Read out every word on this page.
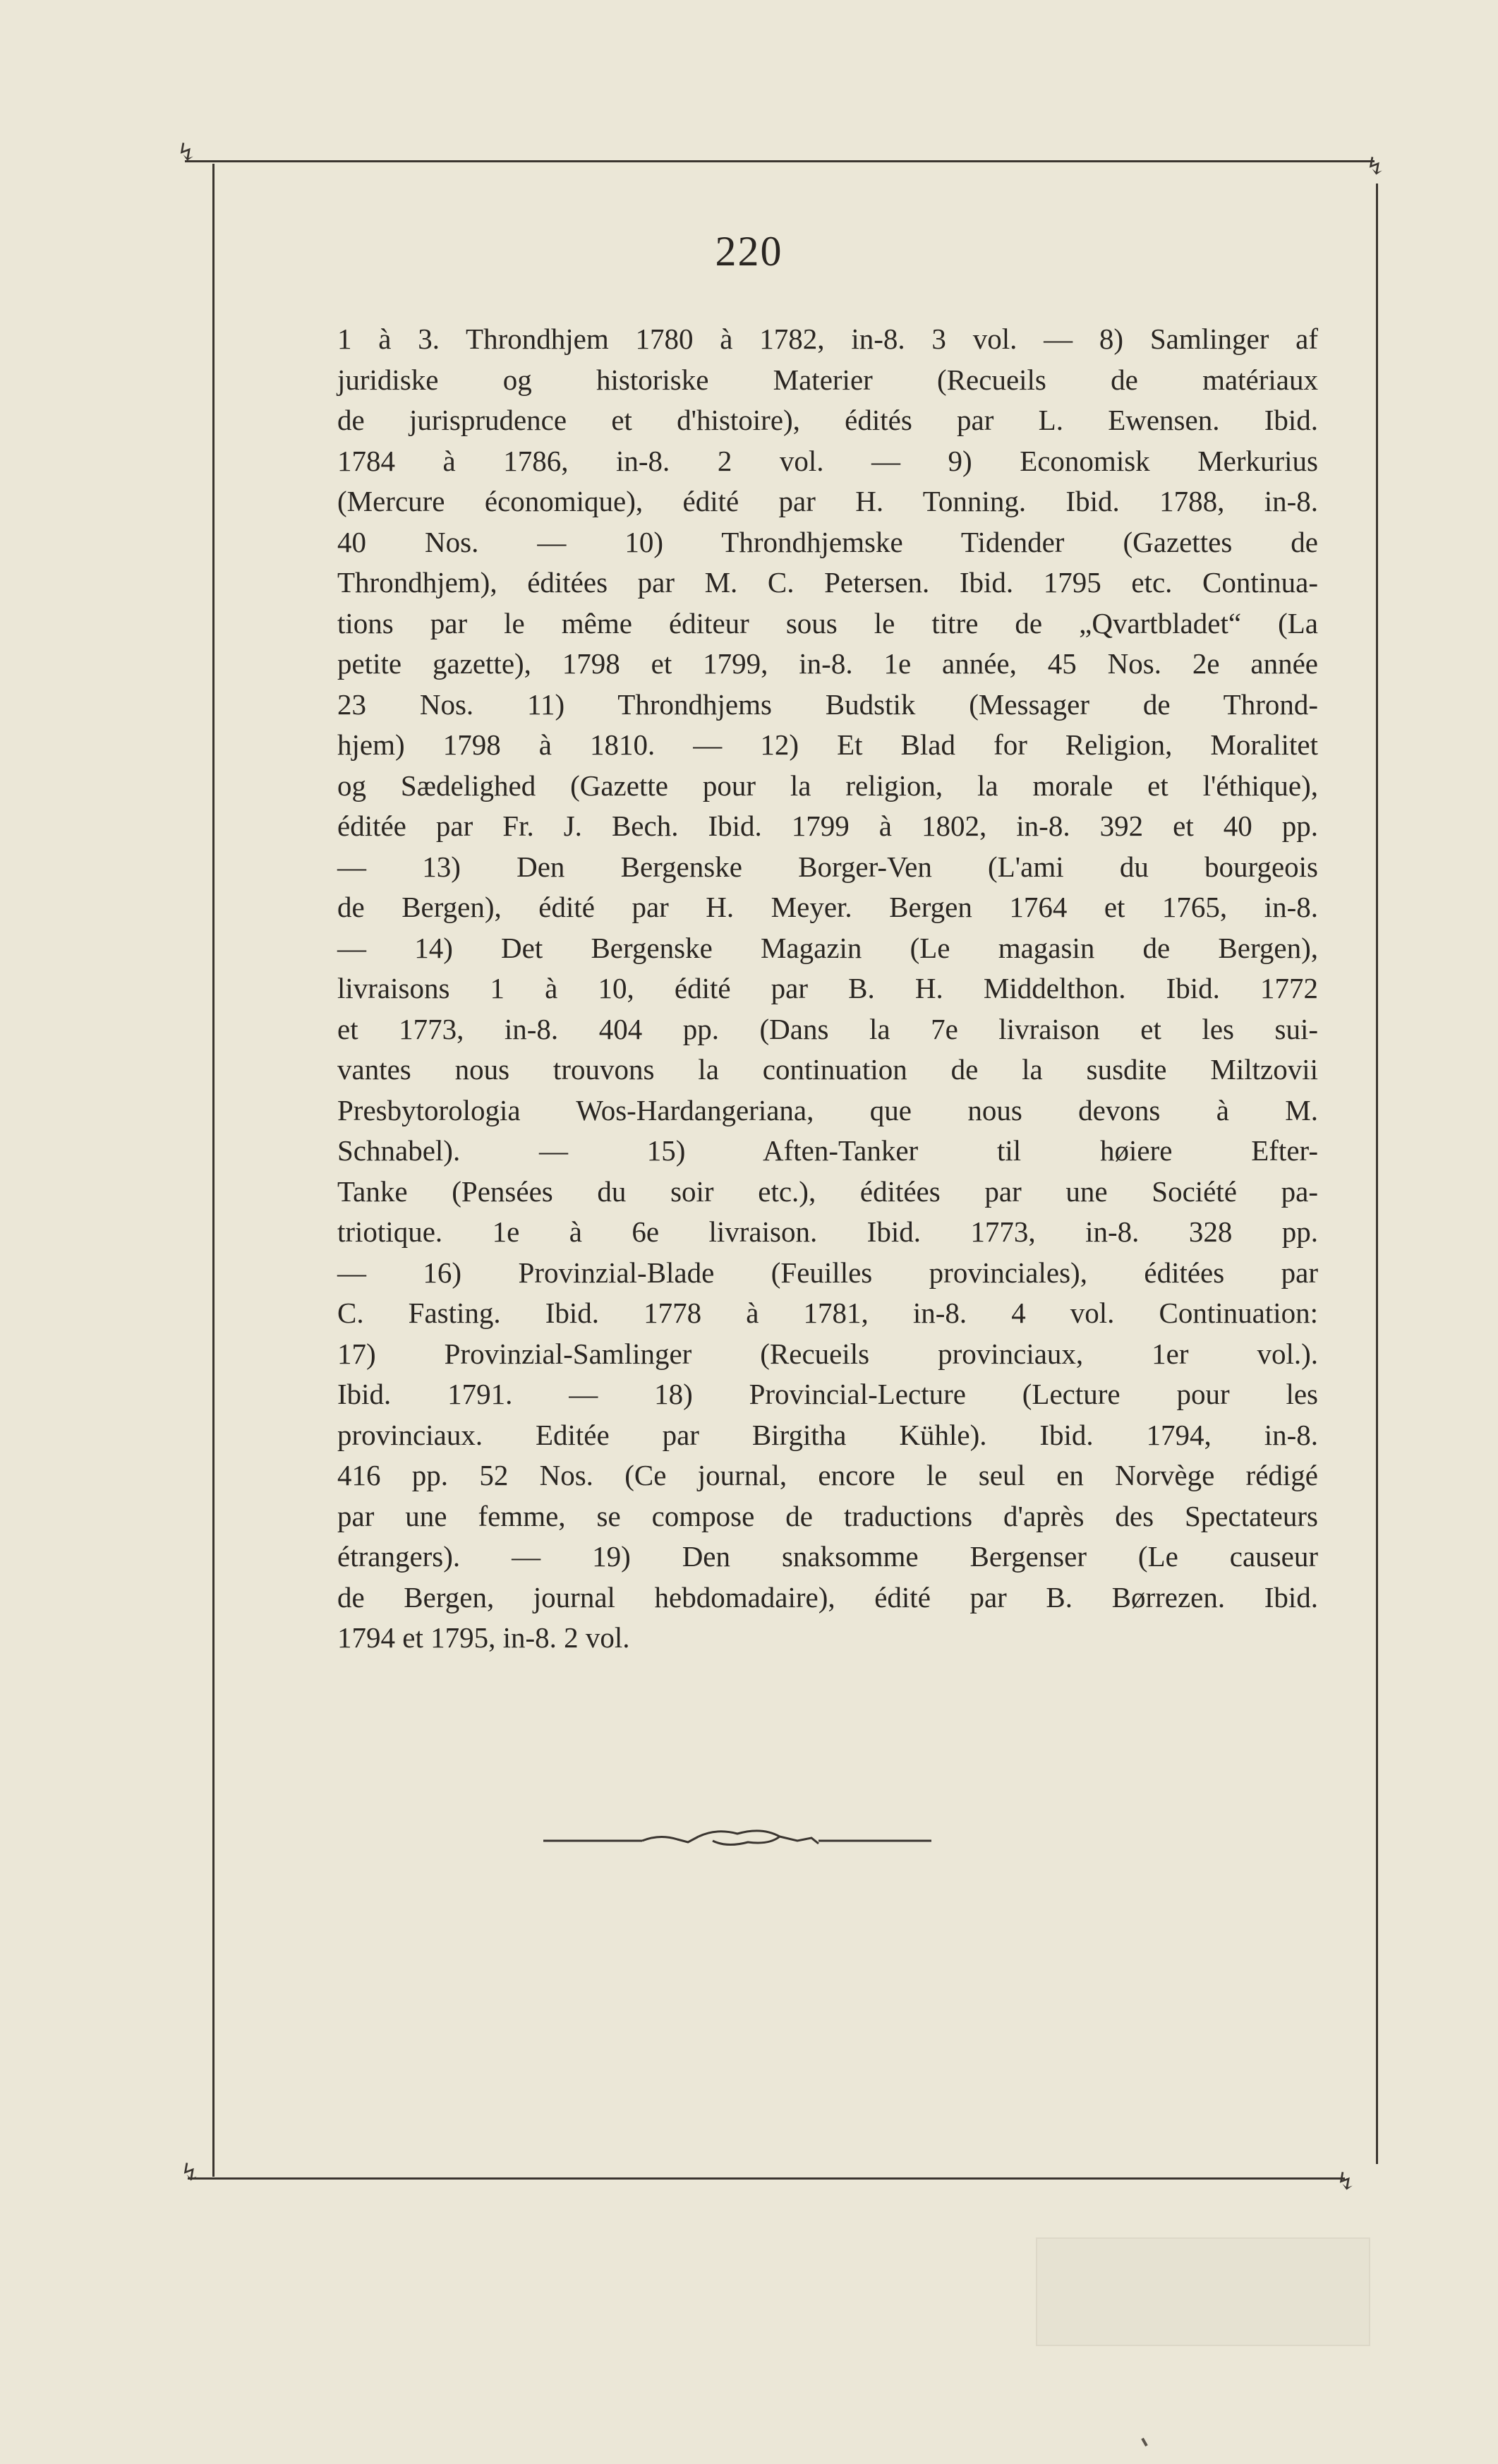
↯
↯
↯	↯
220
1 à 3. Throndhjem 1780 à 1782, in-8. 3 vol. — 8) Samlinger af
juridiske og historiske Materier (Recueils de matériaux
de jurisprudence et d'histoire), édités par L. Ewensen. Ibid.
1784 à 1786, in-8. 2 vol. — 9) Economisk Merkurius
(Mercure économique), édité par H. Tonning. Ibid. 1788, in-8.
40 Nos. — 10) Throndhjemske Tidender (Gazettes de
Throndhjem), éditées par M. C. Petersen. Ibid. 1795 etc. Continua-
tions par le même éditeur sous le titre de „Qvartbladet“ (La
petite gazette), 1798 et 1799, in-8. 1e année, 45 Nos. 2e année
23 Nos. 11) Throndhjems Budstik (Messager de Thrond-
hjem) 1798 à 1810. — 12) Et Blad for Religion, Moralitet
og Sædelighed (Gazette pour la religion, la morale et l'éthique),
éditée par Fr. J. Bech. Ibid. 1799 à 1802, in-8. 392 et 40 pp.
— 13) Den Bergenske Borger-Ven (L'ami du bourgeois
de Bergen), édité par H. Meyer. Bergen 1764 et 1765, in-8.
— 14) Det Bergenske Magazin (Le magasin de Bergen),
livraisons 1 à 10, édité par B. H. Middelthon. Ibid. 1772
et 1773, in-8. 404 pp. (Dans la 7e livraison et les sui-
vantes nous trouvons la continuation de la susdite Miltzovii
Presbytorologia Wos-Hardangeriana, que nous devons à M.
Schnabel). — 15) Aften-Tanker til høiere Efter-
Tanke (Pensées du soir etc.), éditées par une Société pa-
triotique. 1e à 6e livraison. Ibid. 1773, in-8. 328 pp.
— 16) Provinzial-Blade (Feuilles provinciales), éditées par
C. Fasting. Ibid. 1778 à 1781, in-8. 4 vol. Continuation:
17) Provinzial-Samlinger (Recueils provinciaux, 1er vol.).
Ibid. 1791. — 18) Provincial-Lecture (Lecture pour les
provinciaux. Editée par Birgitha Kühle). Ibid. 1794, in-8.
416 pp. 52 Nos. (Ce journal, encore le seul en Norvège rédigé
par une femme, se compose de traductions d'après des Spectateurs
étrangers). — 19) Den snaksomme Bergenser (Le causeur
de Bergen, journal hebdomadaire), édité par B. Børrezen. Ibid.
1794 et 1795, in-8. 2 vol.
